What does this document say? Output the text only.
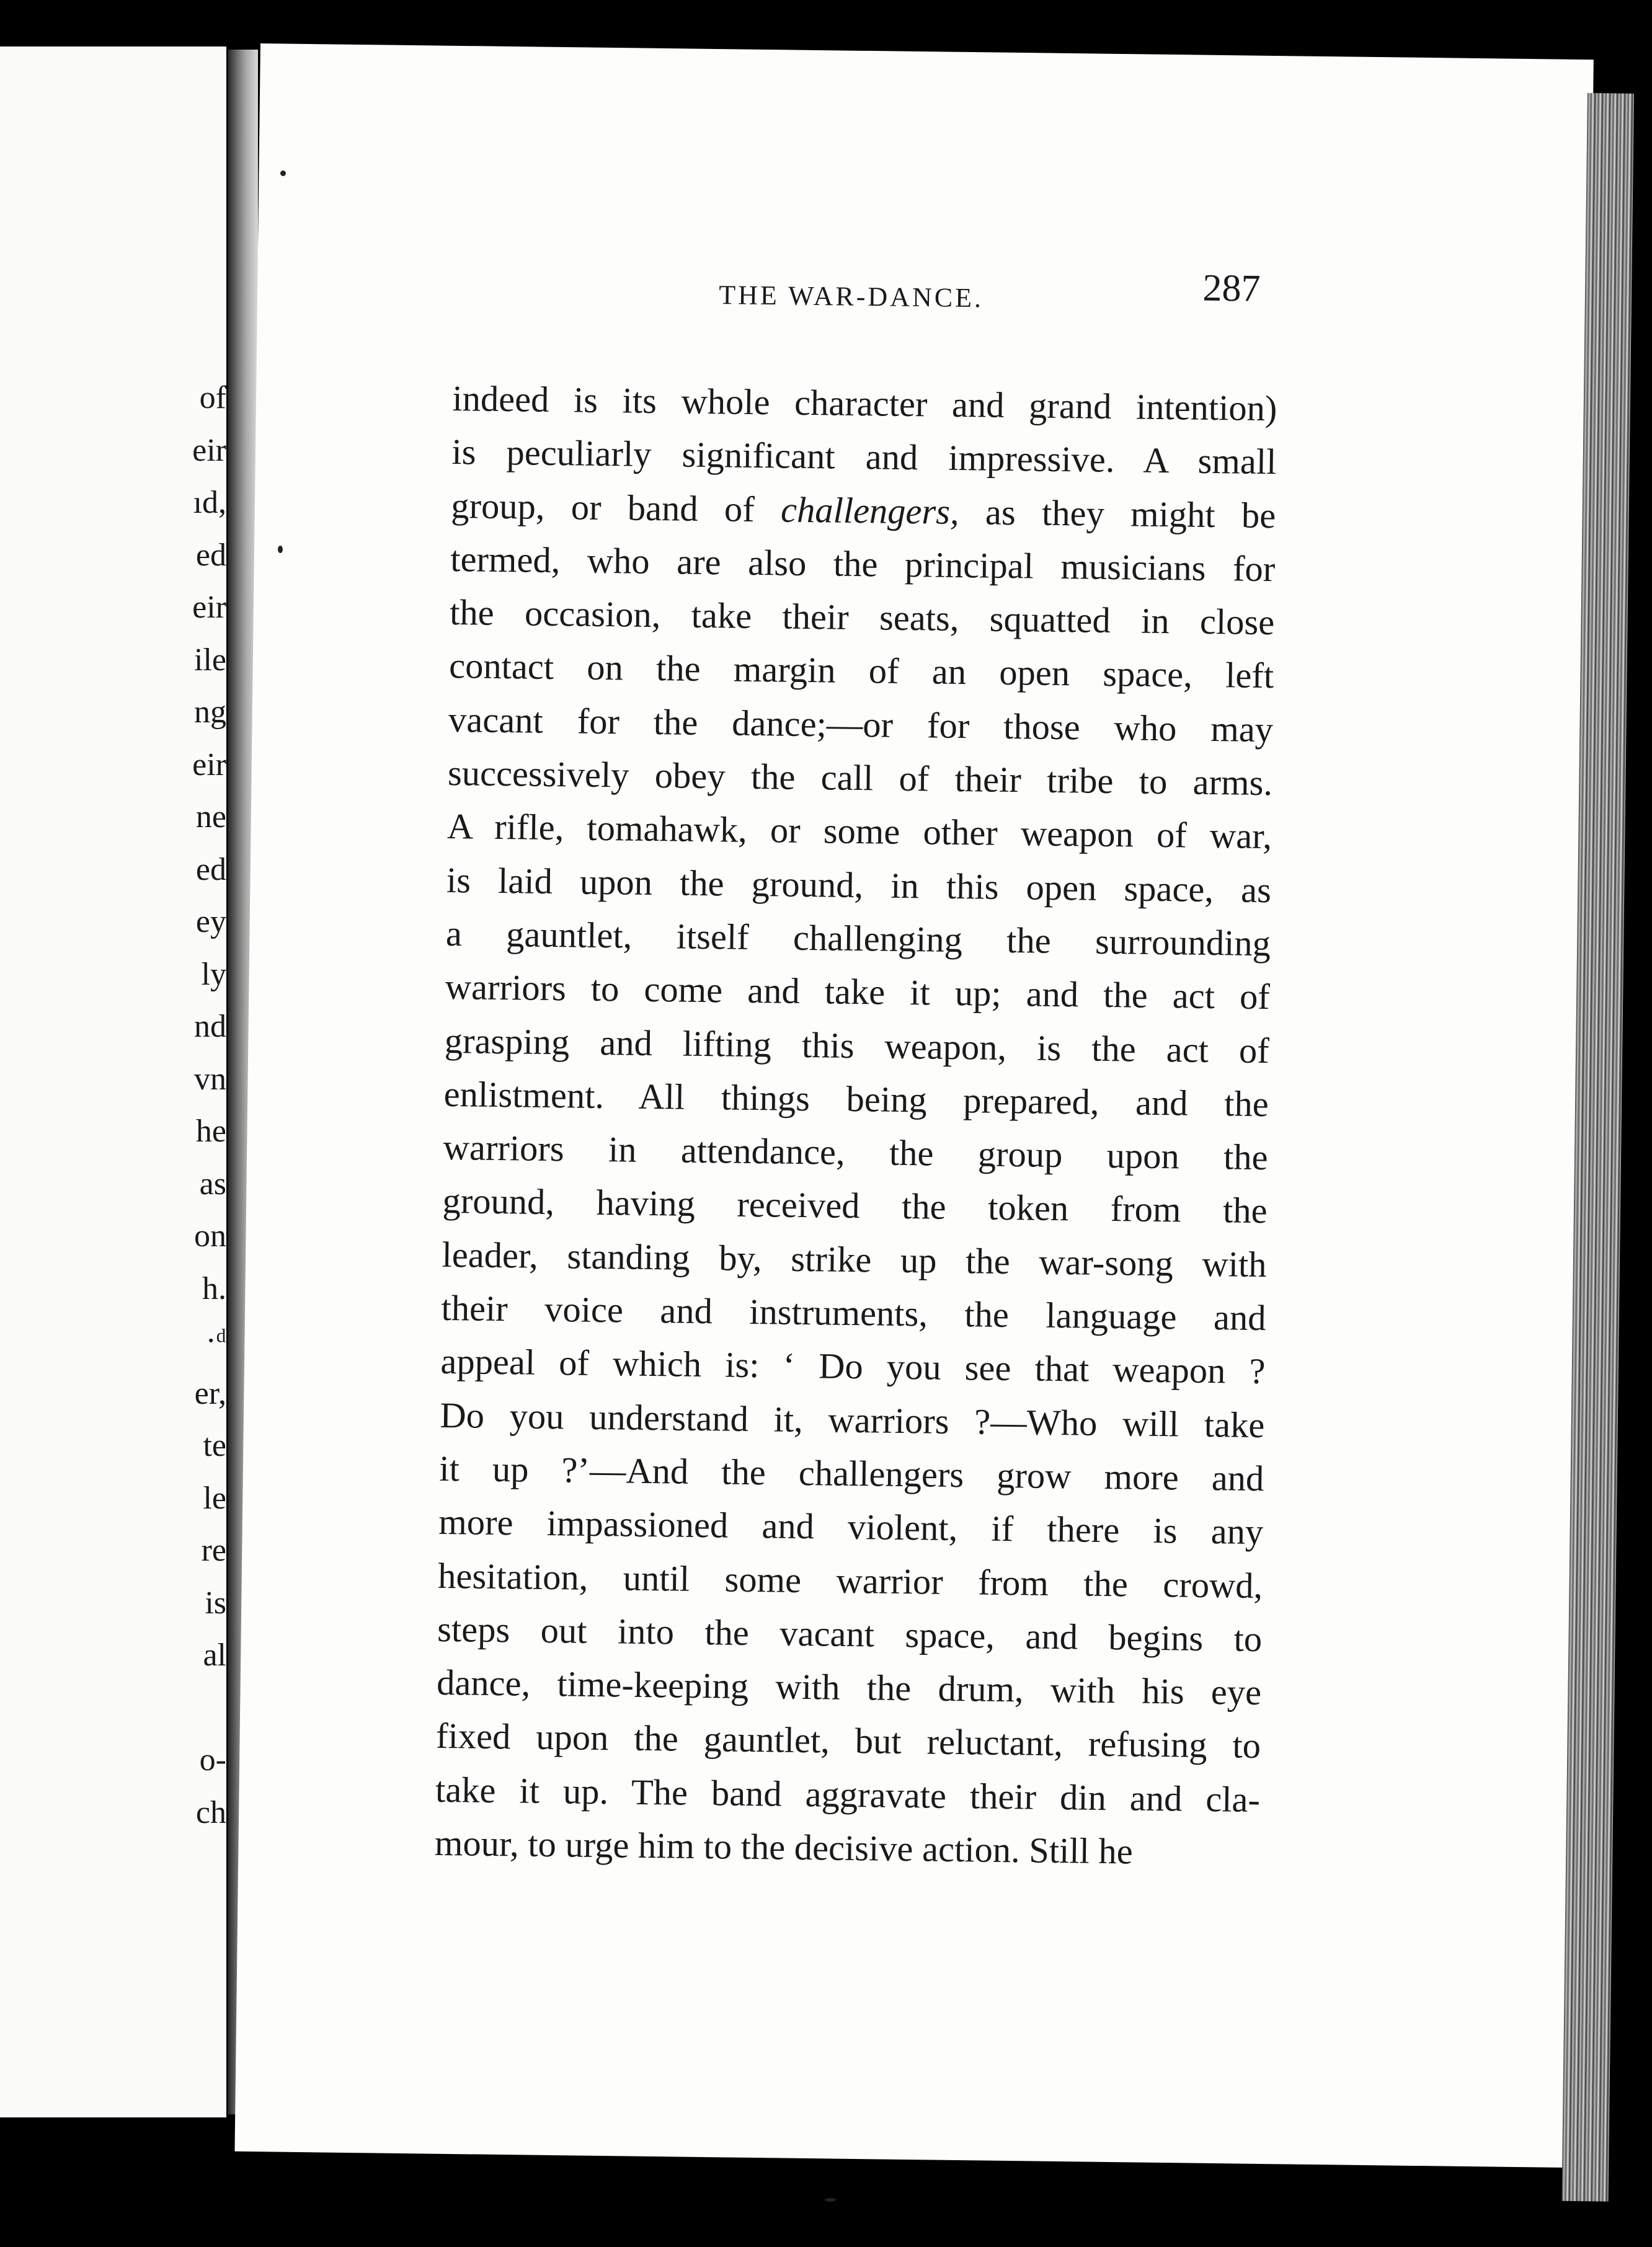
of
eir
ıd,
ed
eir
ile
ng
eir
ne
ed
ey
ly
nd
vn
he
as
on
h.
·ᵈ
er,
te
le
re
is
al
o-
ch
THE WAR-DANCE.	287
indeed is its whole character and grand intention)
is peculiarly significant and impressive. A small
group, or band of challengers, as they might be
termed, who are also the principal musicians for
the occasion, take their seats, squatted in close
contact on the margin of an open space, left
vacant for the dance;—or for those who may
successively obey the call of their tribe to arms.
A rifle, tomahawk, or some other weapon of war,
is laid upon the ground, in this open space, as
a gauntlet, itself challenging the surrounding
warriors to come and take it up; and the act of
grasping and lifting this weapon, is the act of
enlistment. All things being prepared, and the
warriors in attendance, the group upon the
ground, having received the token from the
leader, standing by, strike up the war-song with
their voice and instruments, the language and
appeal of which is: ‘ Do you see that weapon ?
Do you understand it, warriors ?—Who will take
it up ?’—And the challengers grow more and
more impassioned and violent, if there is any
hesitation, until some warrior from the crowd,
steps out into the vacant space, and begins to
dance, time-keeping with the drum, with his eye
fixed upon the gauntlet, but reluctant, refusing to
take it up. The band aggravate their din and cla-
mour, to urge him to the decisive action. Still he
